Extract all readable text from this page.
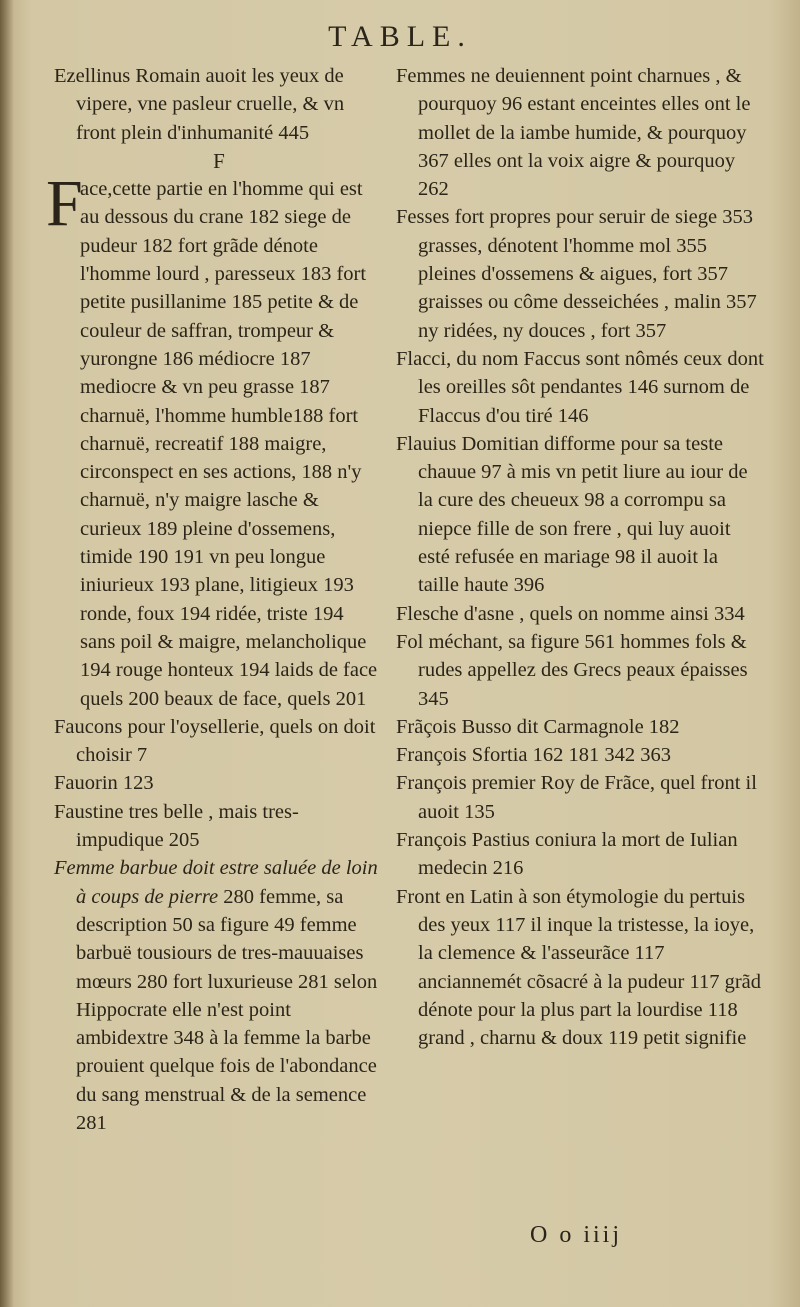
TABLE.
Ezellinus Romain auoit les yeux de vipere, vne pasleur cruelle, & vn front plein d'inhumanité 445
F
F
ace,cette partie en l'homme qui est au dessous du crane 182 siege de pudeur 182 fort grãde dénote l'homme lourd , paresseux 183 fort petite pusillanime 185 petite & de couleur de saffran, trompeur & yurongne 186 médiocre 187 mediocre & vn peu grasse 187 charnuë, l'homme humble188 fort charnuë, recreatif 188 maigre, circonspect en ses actions, 188 n'y charnuë, n'y maigre lasche & curieux 189 pleine d'ossemens, timide 190 191 vn peu longue iniurieux 193 plane, litigieux 193 ronde, foux 194 ridée, triste 194 sans poil & maigre, melancholique 194 rouge honteux 194 laids de face quels 200 beaux de face, quels 201
Faucons pour l'oysellerie, quels on doit choisir 7
Fauorin 123
Faustine tres belle , mais tres-impudique 205
Femme barbue doit estre saluée de loin à coups de pierre 280 femme, sa description 50 sa figure 49 femme barbuë tousiours de tres-mauuaises mœurs 280 fort luxurieuse 281 selon Hippocrate elle n'est point ambidextre 348 à la femme la barbe prouient quelque fois de l'abondance du sang menstrual & de la semence 281
Femmes ne deuiennent point charnues , & pourquoy 96 estant enceintes elles ont le mollet de la iambe humide, & pourquoy 367 elles ont la voix aigre & pourquoy 262
Fesses fort propres pour seruir de siege 353 grasses, dénotent l'homme mol 355 pleines d'ossemens & aigues, fort 357 graisses ou côme desseichées , malin 357 ny ridées, ny douces , fort 357
Flacci, du nom Faccus sont nômés ceux dont les oreilles sôt pendantes 146 surnom de Flaccus d'ou tiré 146
Flauius Domitian difforme pour sa teste chauue 97 à mis vn petit liure au iour de la cure des cheueux 98 a corrompu sa niepce fille de son frere , qui luy auoit esté refusée en mariage 98 il auoit la taille haute 396
Flesche d'asne , quels on nomme ainsi 334
Fol méchant, sa figure 561 hommes fols & rudes appellez des Grecs peaux épaisses 345
Frãçois Busso dit Carmagnole 182
François Sfortia 162 181 342 363
François premier Roy de Frãce, quel front il auoit 135
François Pastius coniura la mort de Iulian medecin 216
Front en Latin à son étymologie du pertuis des yeux 117 il inque la tristesse, la ioye, la clemence & l'asseurãce 117 anciannemét cõsacré à la pudeur 117 grãd dénote pour la plus part la lourdise 118 grand , charnu & doux 119 petit signifie
O o iiij
